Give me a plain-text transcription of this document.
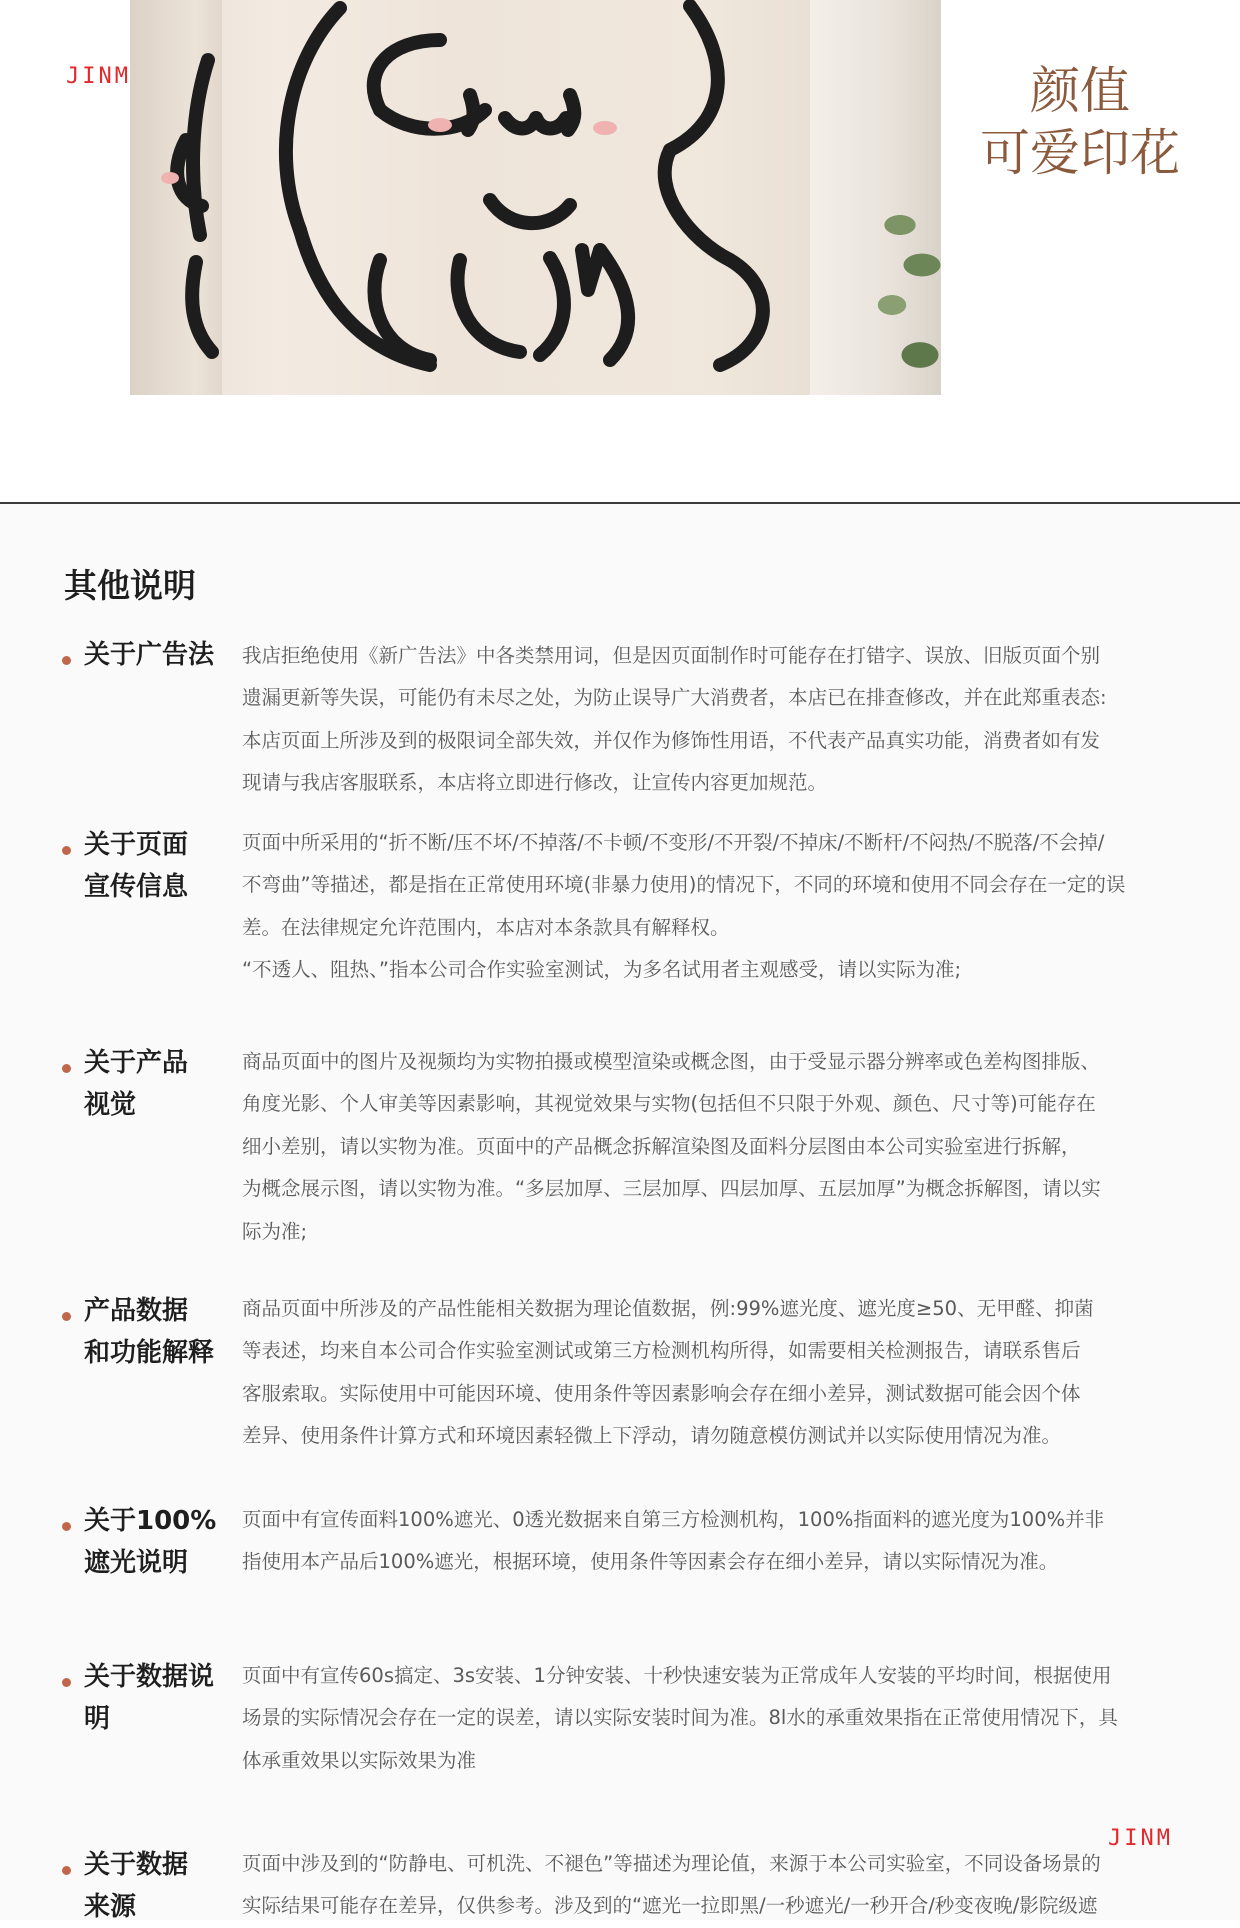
JINM	颜值
可爱印花
其他说明
关于广告法	我店拒绝使用《新广告法》中各类禁用词，但是因页面制作时可能存在打错字、误放、旧版页面个别
遗漏更新等失误，可能仍有未尽之处，为防止误导广大消费者，本店已在排查修改，并在此郑重表态:
本店页面上所涉及到的极限词全部失效，并仅作为修饰性用语，不代表产品真实功能，消费者如有发
现请与我店客服联系，本店将立即进行修改，让宣传内容更加规范。
关于页面
宣传信息
页面中所采用的“折不断/压不坏/不掉落/不卡顿/不变形/不开裂/不掉床/不断杆/不闷热/不脱落/不会掉/
不弯曲”等描述，都是指在正常使用环境(非暴力使用)的情况下，不同的环境和使用不同会存在一定的误
差。在法律规定允许范围内，本店对本条款具有解释权。
“不透人、阻热、”指本公司合作实验室测试，为多名试用者主观感受，请以实际为准;
关于产品
视觉
商品页面中的图片及视频均为实物拍摄或模型渲染或概念图，由于受显示器分辨率或色差构图排版、
角度光影、个人审美等因素影响，其视觉效果与实物(包括但不只限于外观、颜色、尺寸等)可能存在
细小差别，请以实物为准。页面中的产品概念拆解渲染图及面料分层图由本公司实验室进行拆解，
为概念展示图，请以实物为准。“多层加厚、三层加厚、四层加厚、五层加厚”为概念拆解图，请以实
际为准;
产品数据
和功能解释
商品页面中所涉及的产品性能相关数据为理论值数据，例:99%遮光度、遮光度≥50、无甲醛、抑菌
等表述，均来自本公司合作实验室测试或第三方检测机构所得，如需要相关检测报告，请联系售后
客服索取。实际使用中可能因环境、使用条件等因素影响会存在细小差异，测试数据可能会因个体
差异、使用条件计算方式和环境因素轻微上下浮动，请勿随意模仿测试并以实际使用情况为准。
关于100%
遮光说明
页面中有宣传面料100%遮光、0透光数据来自第三方检测机构，100%指面料的遮光度为100%并非
指使用本产品后100%遮光，根据环境，使用条件等因素会存在细小差异，请以实际情况为准。
关于数据说
明
页面中有宣传60s搞定、3s安装、1分钟安装、十秒快速安装为正常成年人安装的平均时间，根据使用
场景的实际情况会存在一定的误差，请以实际安装时间为准。8l水的承重效果指在正常使用情况下，具
体承重效果以实际效果为准
关于数据
来源
页面中涉及到的“防静电、可机洗、不褪色”等描述为理论值，来源于本公司实验室，不同设备场景的
实际结果可能存在差异，仅供参考。涉及到的“遮光一拉即黑/一秒遮光/一秒开合/秒变夜晚/影院级遮
JINM
